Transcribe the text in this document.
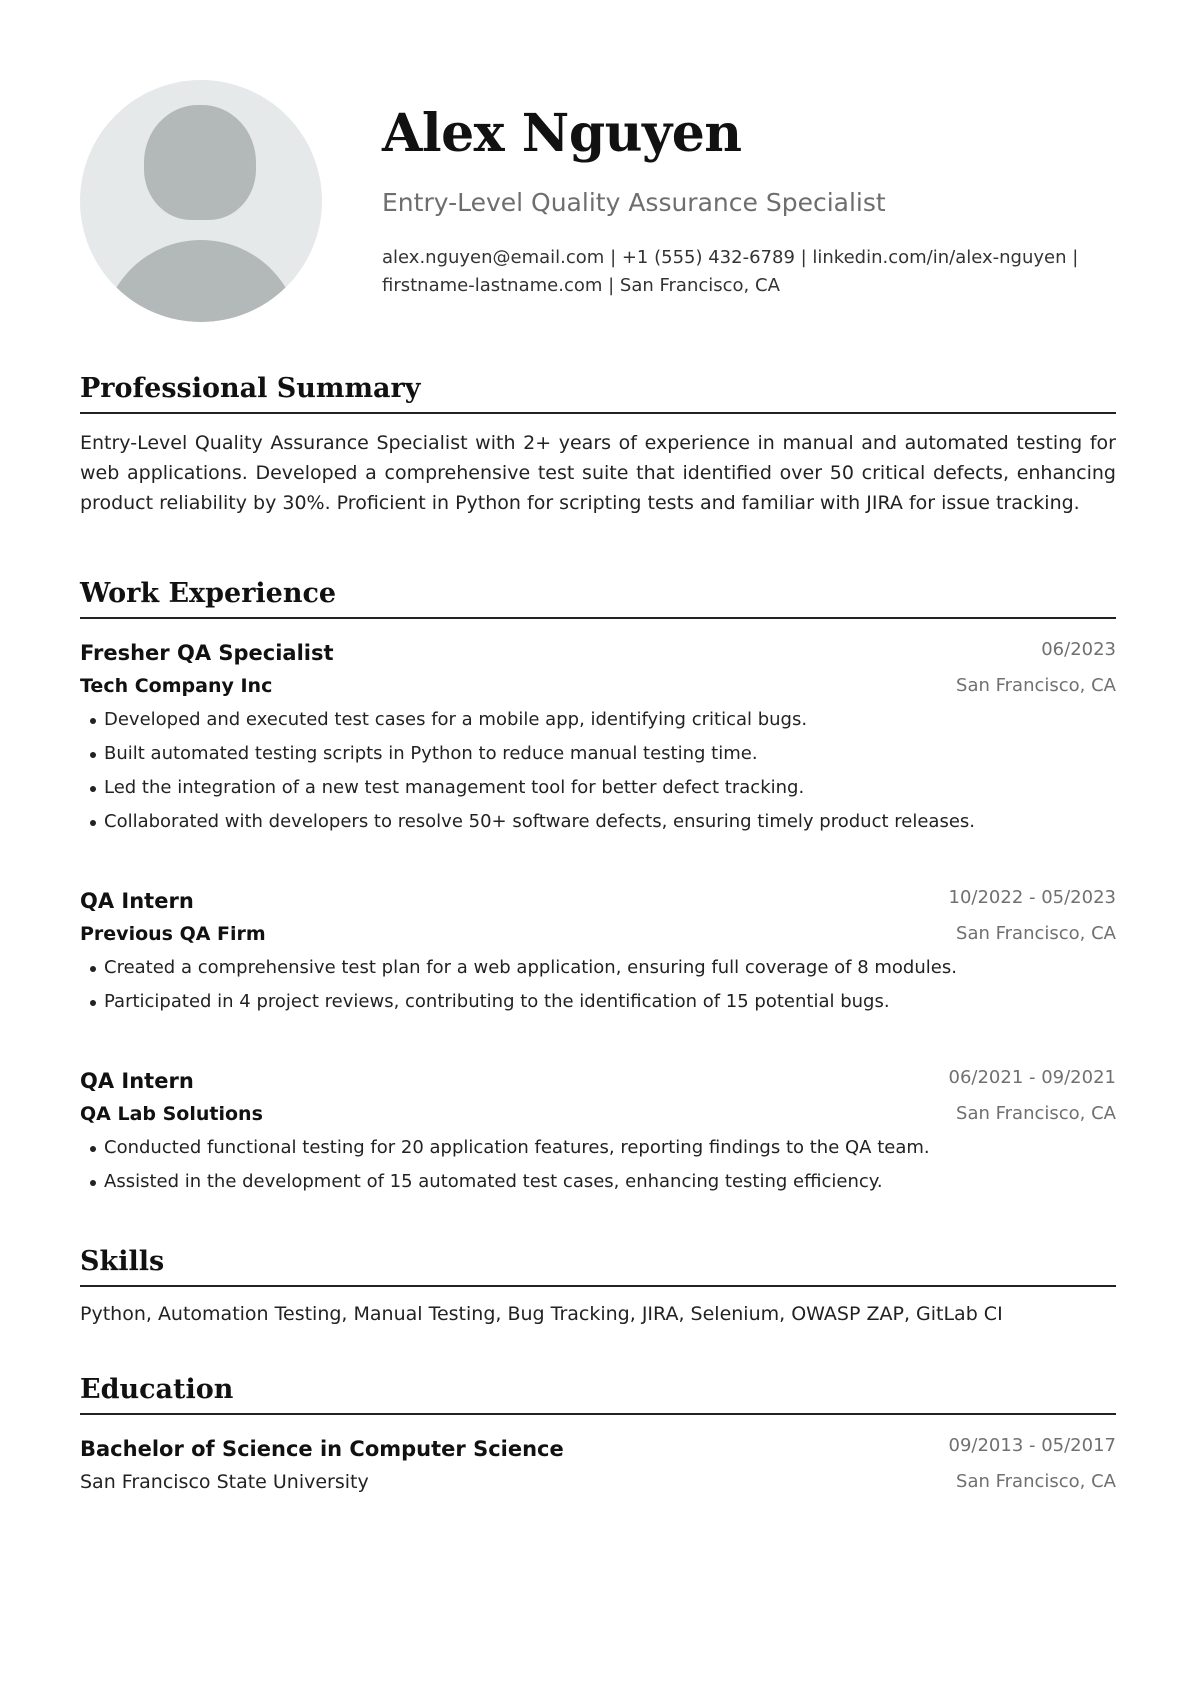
Alex Nguyen
Entry-Level Quality Assurance Specialist
alex.nguyen@email.com | +1 (555) 432-6789 | linkedin.com/in/alex-nguyen |
firstname-lastname.com | San Francisco, CA
Professional Summary
Entry-Level Quality Assurance Specialist with 2+ years of experience in manual and automated testing for web applications. Developed a comprehensive test suite that identified over 50 critical defects, enhancing product reliability by 30%. Proficient in Python for scripting tests and familiar with JIRA for issue tracking.
Work Experience
Fresher QA Specialist	06/2023
Tech Company Inc	San Francisco, CA
Developed and executed test cases for a mobile app, identifying critical bugs.
Built automated testing scripts in Python to reduce manual testing time.
Led the integration of a new test management tool for better defect tracking.
Collaborated with developers to resolve 50+ software defects, ensuring timely product releases.
QA Intern	10/2022 - 05/2023
Previous QA Firm	San Francisco, CA
Created a comprehensive test plan for a web application, ensuring full coverage of 8 modules.
Participated in 4 project reviews, contributing to the identification of 15 potential bugs.
QA Intern	06/2021 - 09/2021
QA Lab Solutions	San Francisco, CA
Conducted functional testing for 20 application features, reporting findings to the QA team.
Assisted in the development of 15 automated test cases, enhancing testing efficiency.
Skills
Python, Automation Testing, Manual Testing, Bug Tracking, JIRA, Selenium, OWASP ZAP, GitLab CI
Education
Bachelor of Science in Computer Science	09/2013 - 05/2017
San Francisco State University	San Francisco, CA
